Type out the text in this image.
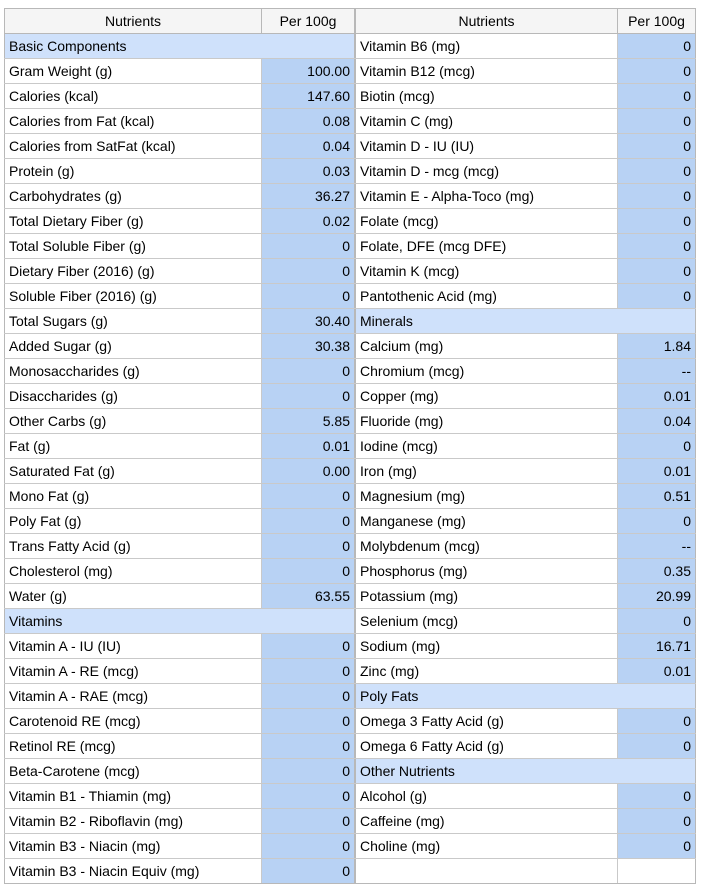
Nutrients	Per 100g
Basic Components	
Gram Weight (g)	100.00
Calories (kcal)	147.60
Calories from Fat (kcal)	0.08
Calories from SatFat (kcal)	0.04
Protein (g)	0.03
Carbohydrates (g)	36.27
Total Dietary Fiber (g)	0.02
Total Soluble Fiber (g)	0
Dietary Fiber (2016) (g)	0
Soluble Fiber (2016) (g)	0
Total Sugars (g)	30.40
Added Sugar (g)	30.38
Monosaccharides (g)	0
Disaccharides (g)	0
Other Carbs (g)	5.85
Fat (g)	0.01
Saturated Fat (g)	0.00
Mono Fat (g)	0
Poly Fat (g)	0
Trans Fatty Acid (g)	0
Cholesterol (mg)	0
Water (g)	63.55
Vitamins	
Vitamin A - IU (IU)	0
Vitamin A - RE (mcg)	0
Vitamin A - RAE (mcg)	0
Carotenoid RE (mcg)	0
Retinol RE (mcg)	0
Beta-Carotene (mcg)	0
Vitamin B1 - Thiamin (mg)	0
Vitamin B2 - Riboflavin (mg)	0
Vitamin B3 - Niacin (mg)	0
Vitamin B3 - Niacin Equiv (mg)	0
Nutrients	Per 100g
Vitamin B6 (mg)	0
Vitamin B12 (mcg)	0
Biotin (mcg)	0
Vitamin C (mg)	0
Vitamin D - IU (IU)	0
Vitamin D - mcg (mcg)	0
Vitamin E - Alpha-Toco (mg)	0
Folate (mcg)	0
Folate, DFE (mcg DFE)	0
Vitamin K (mcg)	0
Pantothenic Acid (mg)	0
Minerals	
Calcium (mg)	1.84
Chromium (mcg)	--
Copper (mg)	0.01
Fluoride (mg)	0.04
Iodine (mcg)	0
Iron (mg)	0.01
Magnesium (mg)	0.51
Manganese (mg)	0
Molybdenum (mcg)	--
Phosphorus (mg)	0.35
Potassium (mg)	20.99
Selenium (mcg)	0
Sodium (mg)	16.71
Zinc (mg)	0.01
Poly Fats	
Omega 3 Fatty Acid (g)	0
Omega 6 Fatty Acid (g)	0
Other Nutrients	
Alcohol (g)	0
Caffeine (mg)	0
Choline (mg)	0
